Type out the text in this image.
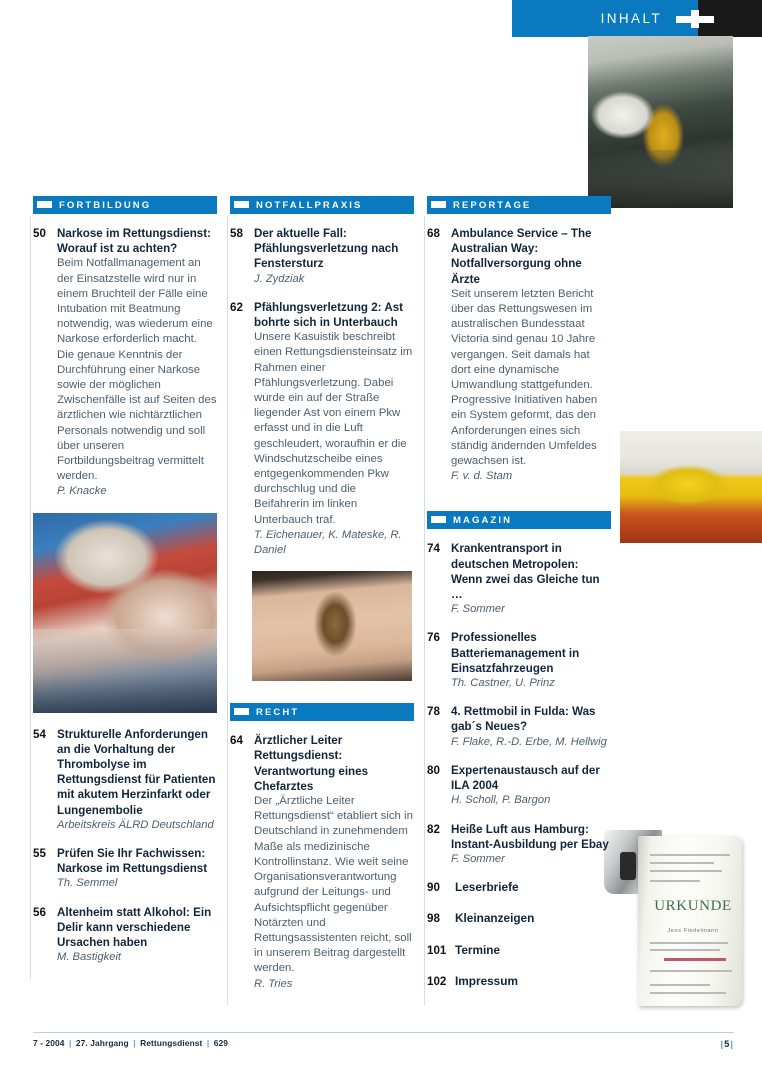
INHALT
URKUNDE
Jens Fiedelmann
FORTBILDUNG
50 Narkose im Rettungsdienst: Worauf ist zu achten?
Beim Notfallmanagement an der Einsatzstelle wird nur in einem Bruchteil der Fälle eine Intubation mit Beatmung notwendig, was wiederum eine Narkose erforderlich macht. Die genaue Kenntnis der Durchführung einer Narkose sowie der möglichen Zwischenfälle ist auf Seiten des ärztlichen wie nichtärztlichen Personals notwendig und soll über unseren Fortbildungsbeitrag vermittelt werden.
P. Knacke
54 Strukturelle Anforderungen an die Vorhaltung der Thrombolyse im Rettungsdienst für Patienten mit akutem Herzinfarkt oder Lungenembolie
Arbeitskreis ÄLRD Deutschland
55 Prüfen Sie Ihr Fachwissen: Narkose im Rettungsdienst
Th. Semmel
56 Altenheim statt Alkohol: Ein Delir kann verschiedene Ursachen haben
M. Bastigkeit
NOTFALLPRAXIS
58 Der aktuelle Fall: Pfählungsverletzung nach Fenstersturz
J. Zydziak
62 Pfählungsverletzung 2: Ast bohrte sich in Unterbauch
Unsere Kasuistik beschreibt einen Rettungsdiensteinsatz im Rahmen einer Pfählungsverletzung. Dabei wurde ein auf der Straße liegender Ast von einem Pkw erfasst und in die Luft geschleudert, woraufhin er die Windschutzscheibe eines entgegenkommenden Pkw durchschlug und die Beifahrerin im linken Unterbauch traf.
T. Eichenauer, K. Mateske, R. Daniel
RECHT
64 Ärztlicher Leiter Rettungsdienst: Verantwortung eines Chefarztes
Der „Ärztliche Leiter Rettungsdienst“ etabliert sich in Deutschland in zunehmendem Maße als medizinische Kontrollinstanz. Wie weit seine Organisationsverantwortung aufgrund der Leitungs- und Aufsichtspflicht gegenüber Notärzten und Rettungsassistenten reicht, soll in unserem Beitrag dargestellt werden.
R. Tries
REPORTAGE
68 Ambulance Service – The Australian Way: Notfallversorgung ohne Ärzte
Seit unserem letzten Bericht über das Rettungswesen im australischen Bundesstaat Victoria sind genau 10 Jahre vergangen. Seit damals hat dort eine dynamische Umwandlung stattgefunden. Progressive Initiativen haben ein System geformt, das den Anforderungen eines sich ständig ändernden Umfeldes gewachsen ist.
F. v. d. Stam
MAGAZIN
74 Krankentransport in deutschen Metropolen: Wenn zwei das Gleiche tun …
F. Sommer
76 Professionelles Batteriemanagement in Einsatzfahrzeugen
Th. Castner, U. Prinz
78 4. Rettmobil in Fulda: Was gab´s Neues?
F. Flake, R.-D. Erbe, M. Hellwig
80 Expertenaustausch auf der ILA 2004
H. Scholl, P. Bargon
82 Heiße Luft aus Hamburg: Instant-Ausbildung per Ebay
F. Sommer
90	Leserbriefe
98	Kleinanzeigen
101 Termine
102 Impressum
7 - 2004 | 27. Jahrgang | Rettungsdienst | 629	|5|
